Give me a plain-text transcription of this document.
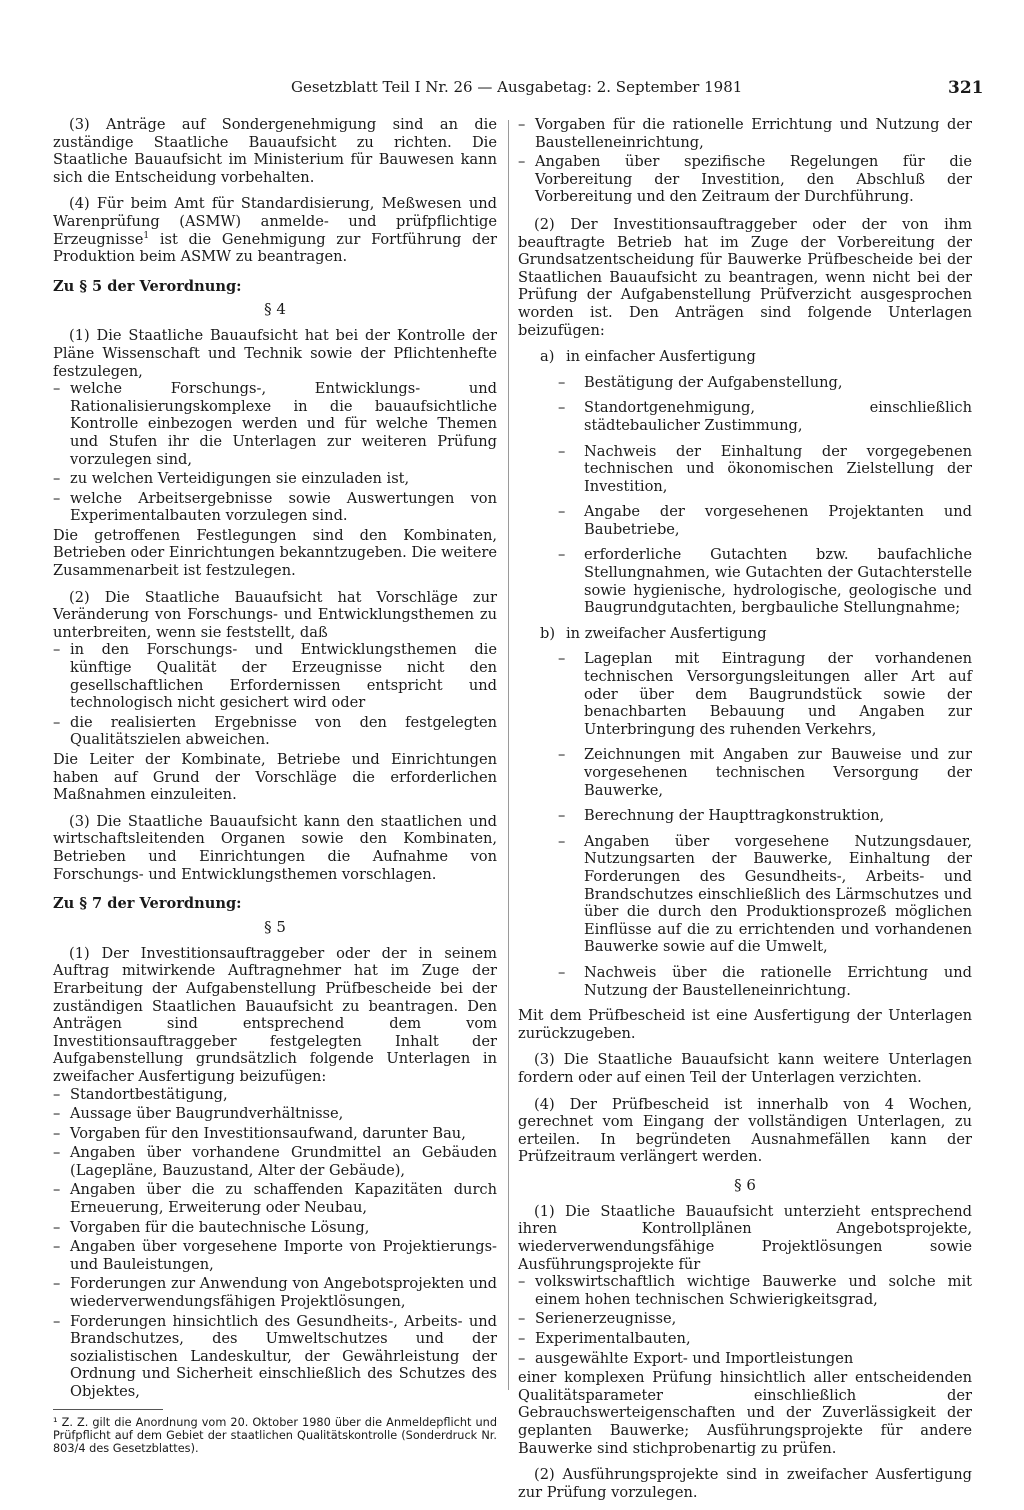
Gesetzblatt Teil I Nr. 26 — Ausgabetag: 2. September 1981	321

(3) Anträge auf Sondergenehmigung sind an die zuständige Staatliche Bauaufsicht zu richten. Die Staatliche Bauaufsicht im Ministerium für Bauwesen kann sich die Entscheidung vorbehalten.

(4) Für beim Amt für Standardisierung, Meßwesen und Warenprüfung (ASMW) anmelde- und prüfpflichtige Erzeugnisse$^1$ ist die Genehmigung zur Fortführung der Produktion beim ASMW zu beantragen.

Zu § 5 der Verordnung:
§ 4

(1) Die Staatliche Bauaufsicht hat bei der Kontrolle der Pläne Wissenschaft und Technik sowie der Pflichtenhefte festzulegen,

– welche Forschungs-, Entwicklungs- und Rationalisierungskomplexe in die bauaufsichtliche Kontrolle einbezogen werden und für welche Themen und Stufen ihr die Unterlagen zur weiteren Prüfung vorzulegen sind,
– zu welchen Verteidigungen sie einzuladen ist,
– welche Arbeitsergebnisse sowie Auswertungen von Experimentalbauten vorzulegen sind.

Die getroffenen Festlegungen sind den Kombinaten, Betrieben oder Einrichtungen bekanntzugeben. Die weitere Zusammenarbeit ist festzulegen.

(2) Die Staatliche Bauaufsicht hat Vorschläge zur Veränderung von Forschungs- und Entwicklungsthemen zu unterbreiten, wenn sie feststellt, daß

– in den Forschungs- und Entwicklungsthemen die künftige Qualität der Erzeugnisse nicht den gesellschaftlichen Erfordernissen entspricht und technologisch nicht gesichert wird oder
– die realisierten Ergebnisse von den festgelegten Qualitätszielen abweichen.

Die Leiter der Kombinate, Betriebe und Einrichtungen haben auf Grund der Vorschläge die erforderlichen Maßnahmen einzuleiten.

(3) Die Staatliche Bauaufsicht kann den staatlichen und wirtschaftsleitenden Organen sowie den Kombinaten, Betrieben und Einrichtungen die Aufnahme von Forschungs- und Entwicklungsthemen vorschlagen.

Zu § 7 der Verordnung:
§ 5

(1) Der Investitionsauftraggeber oder der in seinem Auftrag mitwirkende Auftragnehmer hat im Zuge der Erarbeitung der Aufgabenstellung Prüfbescheide bei der zuständigen Staatlichen Bauaufsicht zu beantragen. Den Anträgen sind entsprechend dem vom Investitionsauftraggeber festgelegten Inhalt der Aufgabenstellung grundsätzlich folgende Unterlagen in zweifacher Ausfertigung beizufügen:

– Standortbestätigung,
– Aussage über Baugrundverhältnisse,
– Vorgaben für den Investitionsaufwand, darunter Bau,
– Angaben über vorhandene Grundmittel an Gebäuden (Lagepläne, Bauzustand, Alter der Gebäude),
– Angaben über die zu schaffenden Kapazitäten durch Erneuerung, Erweiterung oder Neubau,
– Vorgaben für die bautechnische Lösung,
– Angaben über vorgesehene Importe von Projektierungs- und Bauleistungen,
– Forderungen zur Anwendung von Angebotsprojekten und wiederverwendungsfähigen Projektlösungen,
– Forderungen hinsichtlich des Gesundheits-, Arbeits- und Brandschutzes, des Umweltschutzes und der sozialistischen Landeskultur, der Gewährleistung der Ordnung und Sicherheit einschließlich des Schutzes des Objektes,
¹ Z. Z. gilt die Anordnung vom 20. Oktober 1980 über die Anmeldepflicht und Prüfpflicht auf dem Gebiet der staatlichen Qualitätskontrolle (Sonderdruck Nr. 803/4 des Gesetzblattes).
– Vorgaben für die rationelle Errichtung und Nutzung der Baustelleneinrichtung,
– Angaben über spezifische Regelungen für die Vorbereitung der Investition, den Abschluß der Vorbereitung und den Zeitraum der Durchführung.

(2) Der Investitionsauftraggeber oder der von ihm beauftragte Betrieb hat im Zuge der Vorbereitung der Grundsatzentscheidung für Bauwerke Prüfbescheide bei der Staatlichen Bauaufsicht zu beantragen, wenn nicht bei der Prüfung der Aufgabenstellung Prüfverzicht ausgesprochen worden ist. Den Anträgen sind folgende Unterlagen beizufügen:

a) in einfacher Ausfertigung
– Bestätigung der Aufgabenstellung,
– Standortgenehmigung, einschließlich städtebaulicher Zustimmung,
– Nachweis der Einhaltung der vorgegebenen technischen und ökonomischen Zielstellung der Investition,
– Angabe der vorgesehenen Projektanten und Baubetriebe,
– erforderliche Gutachten bzw. baufachliche Stellungnahmen, wie Gutachten der Gutachterstelle sowie hygienische, hydrologische, geologische und Baugrundgutachten, bergbauliche Stellungnahme;
b) in zweifacher Ausfertigung
– Lageplan mit Eintragung der vorhandenen technischen Versorgungsleitungen aller Art auf oder über dem Baugrundstück sowie der benachbarten Bebauung und Angaben zur Unterbringung des ruhenden Verkehrs,
– Zeichnungen mit Angaben zur Bauweise und zur vorgesehenen technischen Versorgung der Bauwerke,
– Berechnung der Haupttragkonstruktion,
– Angaben über vorgesehene Nutzungsdauer, Nutzungsarten der Bauwerke, Einhaltung der Forderungen des Gesundheits-, Arbeits- und Brandschutzes einschließlich des Lärmschutzes und über die durch den Produktionsprozeß möglichen Einflüsse auf die zu errichtenden und vorhandenen Bauwerke sowie auf die Umwelt,
– Nachweis über die rationelle Errichtung und Nutzung der Baustelleneinrichtung.

Mit dem Prüfbescheid ist eine Ausfertigung der Unterlagen zurückzugeben.

(3) Die Staatliche Bauaufsicht kann weitere Unterlagen fordern oder auf einen Teil der Unterlagen verzichten.

(4) Der Prüfbescheid ist innerhalb von 4 Wochen, gerechnet vom Eingang der vollständigen Unterlagen, zu erteilen. In begründeten Ausnahmefällen kann der Prüfzeitraum verlängert werden.

§ 6

(1) Die Staatliche Bauaufsicht unterzieht entsprechend ihren Kontrollplänen Angebotsprojekte, wiederverwendungsfähige Projektlösungen sowie Ausführungsprojekte für

– volkswirtschaftlich wichtige Bauwerke und solche mit einem hohen technischen Schwierigkeitsgrad,
– Serienerzeugnisse,
– Experimentalbauten,
– ausgewählte Export- und Importleistungen

einer komplexen Prüfung hinsichtlich aller entscheidenden Qualitätsparameter einschließlich der Gebrauchswerteigenschaften und der Zuverlässigkeit der geplanten Bauwerke; Ausführungsprojekte für andere Bauwerke sind stichprobenartig zu prüfen.

(2) Ausführungsprojekte sind in zweifacher Ausfertigung zur Prüfung vorzulegen.
